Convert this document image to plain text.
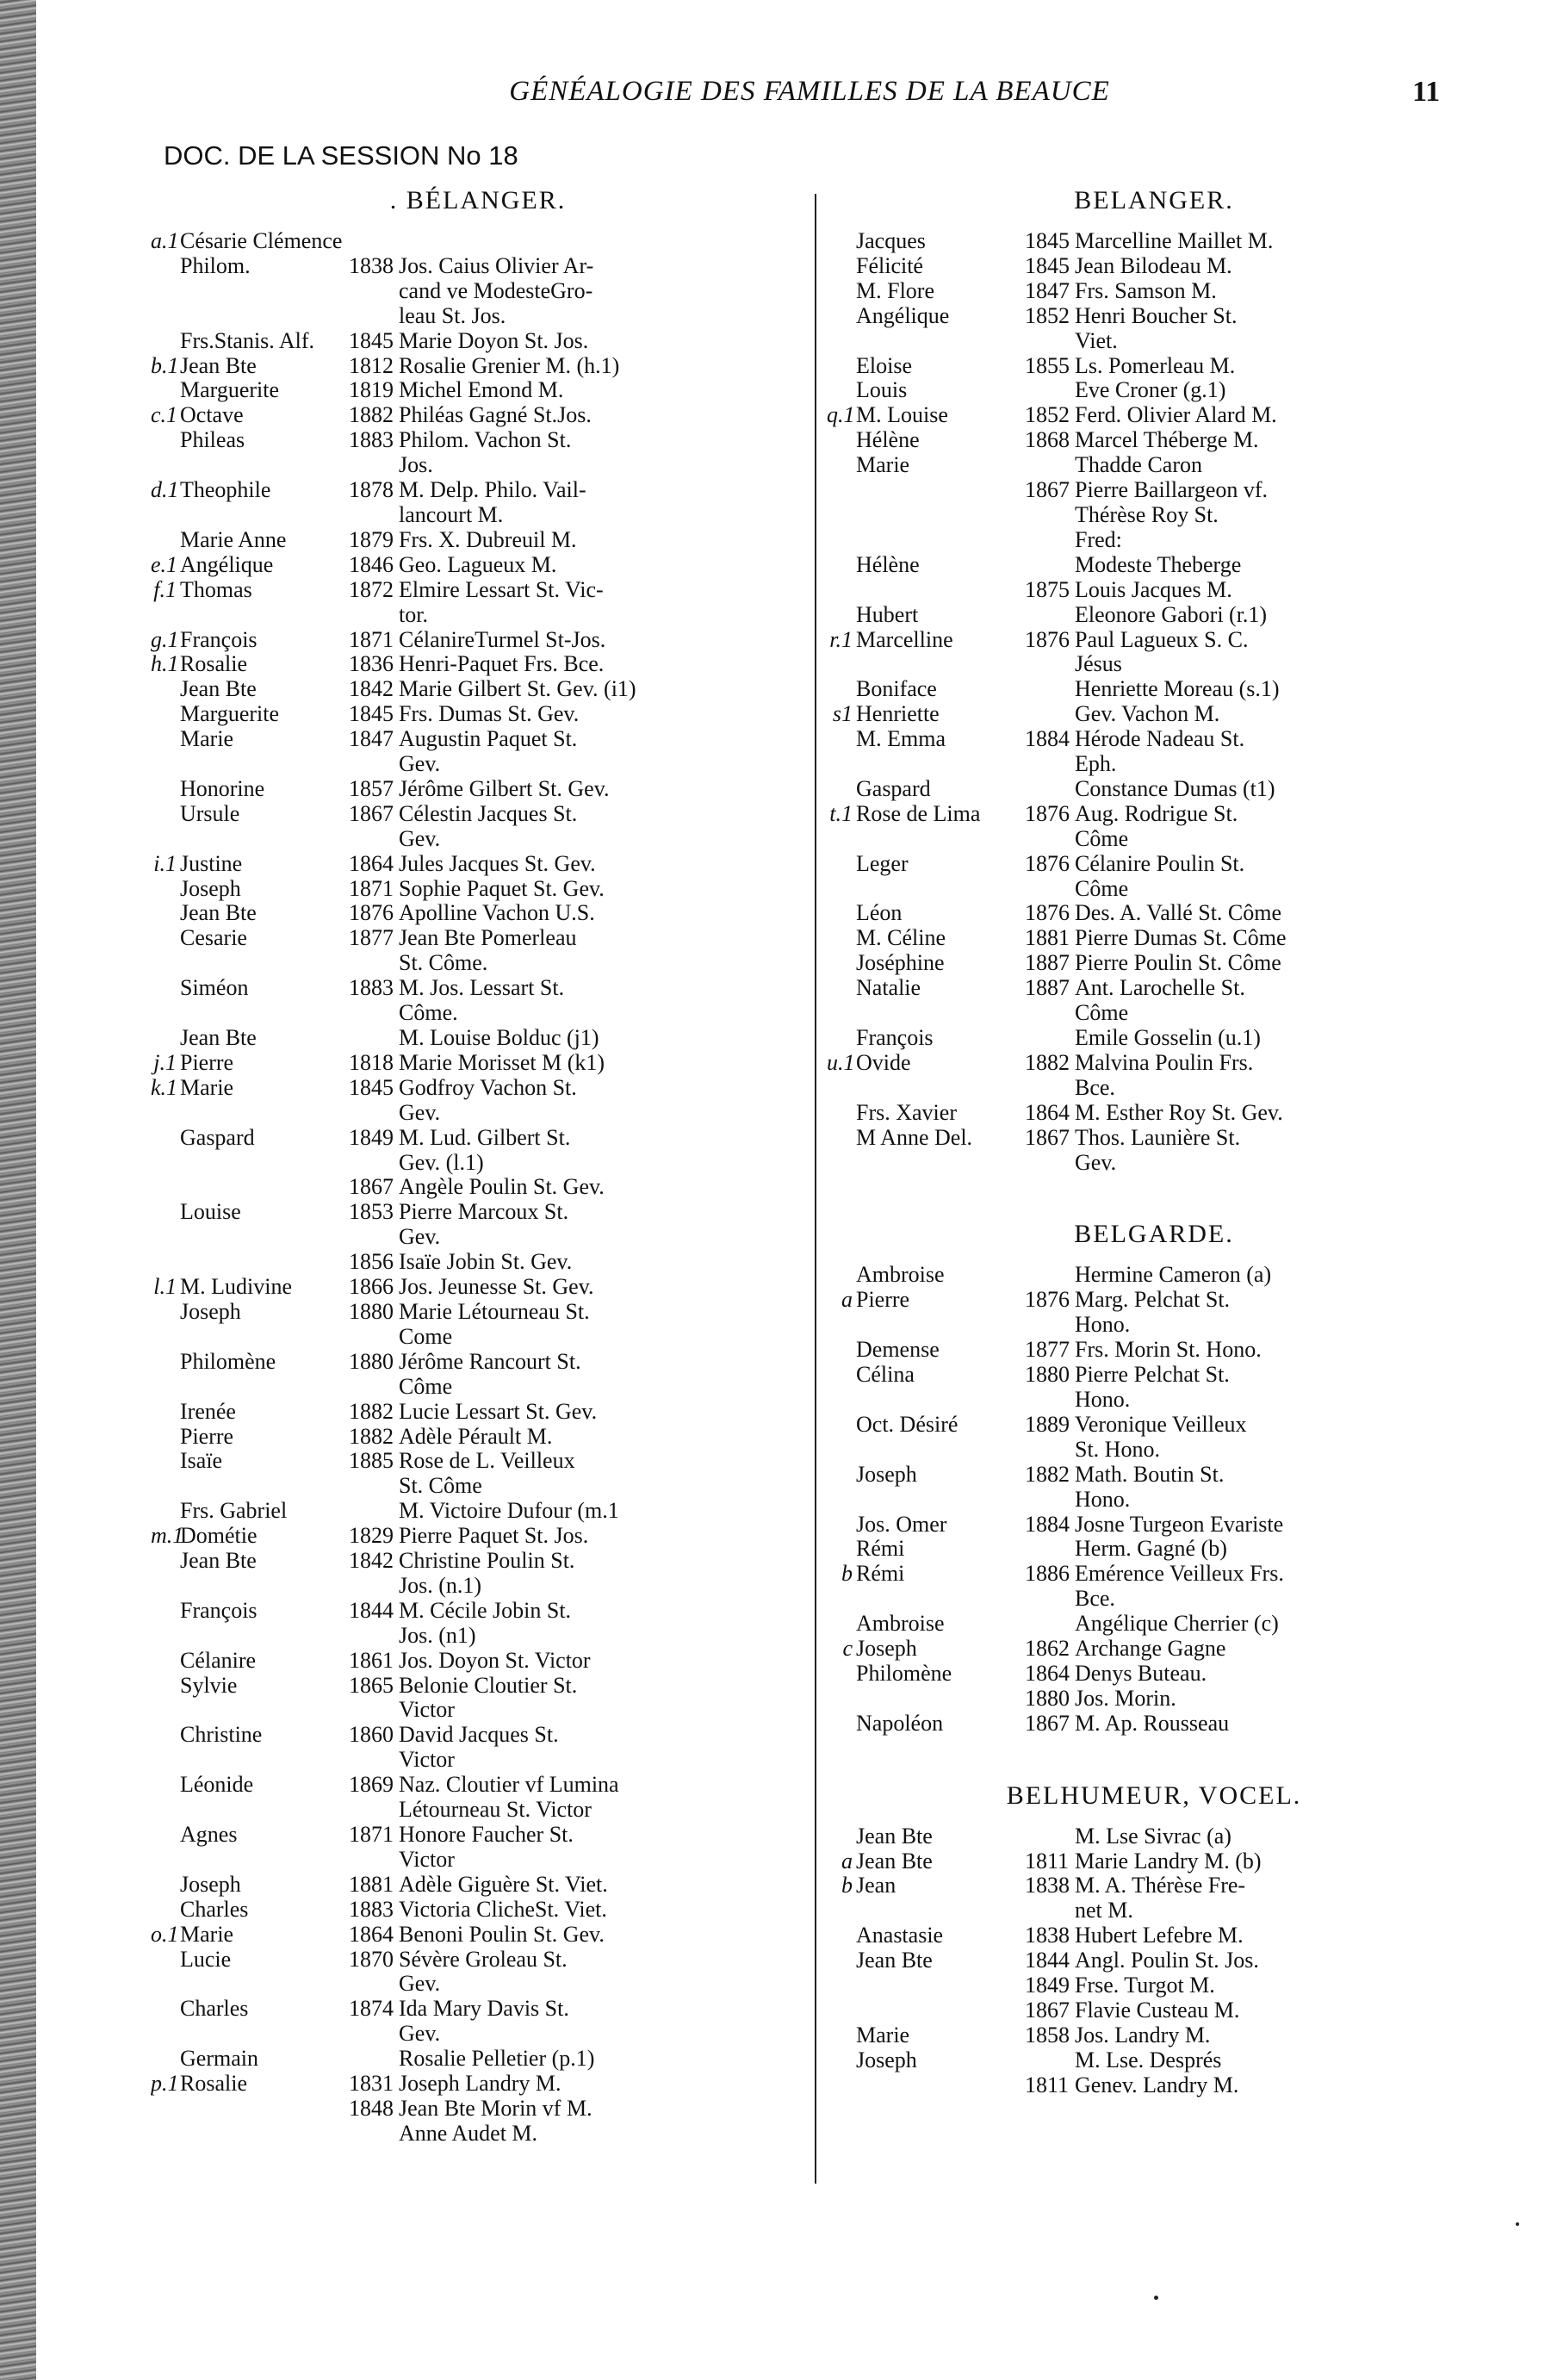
GÉNÉALOGIE DES FAMILLES DE LA BEAUCE	11
DOC. DE LA SESSION No 18
. BÉLANGER.
a.1Césarie Clémence
Philom.	1838 Jos. Caius Olivier Ar-
cand ve ModesteGro-
leau St. Jos.
Frs.Stanis. Alf.	1845 Marie Doyon St. Jos.
b.1Jean Bte	1812 Rosalie Grenier M. (h.1)
Marguerite	1819 Michel Emond M.
c.1 Octave	1882 Philéas Gagné St.Jos.
Phileas	1883 Philom. Vachon St.
Jos.
d.1Theophile	1878 M. Delp. Philo. Vail-
lancourt M.
Marie Anne	1879 Frs. X. Dubreuil M.
e.1 Angélique	1846 Geo. Lagueux M.
f.1 Thomas	1872 Elmire Lessart St. Vic-
tor.
g.1François	1871 CélanireTurmel St-Jos.
h.1Rosalie	1836 Henri-Paquet Frs. Bce.
Jean Bte	1842 Marie Gilbert St. Gev. (i1)
Marguerite	1845 Frs. Dumas St. Gev.
Marie	1847 Augustin Paquet St.
Gev.
Honorine	1857 Jérôme Gilbert St. Gev.
Ursule	1867 Célestin Jacques St.
Gev.
i.1 Justine	1864 Jules Jacques St. Gev.
Joseph	1871 Sophie Paquet St. Gev.
Jean Bte	1876 Apolline Vachon U.S.
Cesarie	1877 Jean Bte Pomerleau
St. Côme.
Siméon	1883 M. Jos. Lessart St.
Côme.
Jean Bte	M. Louise Bolduc (j1)
j.1 Pierre	1818 Marie Morisset M (k1)
k.1 Marie	1845 Godfroy Vachon St.
Gev.
Gaspard	1849 M. Lud. Gilbert St.
Gev. (l.1)
1867 Angèle Poulin St. Gev.
Louise	1853 Pierre Marcoux St.
Gev.
1856 Isaïe Jobin St. Gev.
l.1 M. Ludivine	1866 Jos. Jeunesse St. Gev.
Joseph	1880 Marie Létourneau St.
Come
Philomène	1880 Jérôme Rancourt St.
Côme
Irenée	1882 Lucie Lessart St. Gev.
Pierre	1882 Adèle Pérault M.
Isaïe	1885 Rose de L. Veilleux
St. Côme
Frs. Gabriel	M. Victoire Dufour (m.1
m.1Dométie	1829 Pierre Paquet St. Jos.
Jean Bte	1842 Christine Poulin St.
Jos. (n.1)
François	1844 M. Cécile Jobin St.
Jos. (n1)
Célanire	1861 Jos. Doyon St. Victor
Sylvie	1865 Belonie Cloutier St.
Victor
Christine	1860 David Jacques St.
Victor
Léonide	1869 Naz. Cloutier vf Lumina
Létourneau St. Victor
Agnes	1871 Honore Faucher St.
Victor
Joseph	1881 Adèle Giguère St. Viet.
Charles	1883 Victoria ClicheSt. Viet.
o.1Marie	1864 Benoni Poulin St. Gev.
Lucie	1870 Sévère Groleau St.
Gev.
Charles	1874 Ida Mary Davis St.
Gev.
Germain	Rosalie Pelletier (p.1)
p.1Rosalie	1831 Joseph Landry M.
1848 Jean Bte Morin vf M.
Anne Audet M.
BELANGER.
Jacques	1845 Marcelline Maillet M.
Félicité	1845 Jean Bilodeau M.
M. Flore	1847 Frs. Samson M.
Angélique	1852 Henri Boucher St.
Viet.
Eloise	1855 Ls. Pomerleau M.
Louis	Eve Croner (g.1)
q.1M. Louise	1852 Ferd. Olivier Alard M.
Hélène	1868 Marcel Théberge M.
Marie	Thadde Caron
1867 Pierre Baillargeon vf.
Thérèse Roy St.
Fred:
Hélène	Modeste Theberge
1875 Louis Jacques M.
Hubert	Eleonore Gabori (r.1)
r.1 Marcelline	1876 Paul Lagueux S. C.
Jésus
Boniface	Henriette Moreau (s.1)
s1 Henriette	Gev. Vachon M.
M. Emma	1884 Hérode Nadeau St.
Eph.
Gaspard	Constance Dumas (t1)
t.1 Rose de Lima	1876 Aug. Rodrigue St.
Côme
Leger	1876 Célanire Poulin St.
Côme
Léon	1876 Des. A. Vallé St. Côme
M. Céline	1881 Pierre Dumas St. Côme
Joséphine	1887 Pierre Poulin St. Côme
Natalie	1887 Ant. Larochelle St.
Côme
François	Emile Gosselin (u.1)
u.1Ovide	1882 Malvina Poulin Frs.
Bce.
Frs. Xavier	1864 M. Esther Roy St. Gev.
M Anne Del.	1867 Thos. Launière St.
Gev.
BELGARDE.
Ambroise	Hermine Cameron (a)
a Pierre	1876 Marg. Pelchat St.
Hono.
Demense	1877 Frs. Morin St. Hono.
Célina	1880 Pierre Pelchat St.
Hono.
Oct. Désiré	1889 Veronique Veilleux
St. Hono.
Joseph	1882 Math. Boutin St.
Hono.
Jos. Omer	1884 Josne Turgeon Evariste
Rémi	Herm. Gagné (b)
b Rémi	1886 Emérence Veilleux Frs.
Bce.
Ambroise	Angélique Cherrier (c)
c Joseph	1862 Archange Gagne
Philomène	1864 Denys Buteau.
1880 Jos. Morin.
Napoléon	1867 M. Ap. Rousseau
BELHUMEUR, VOCEL.
Jean Bte	M. Lse Sivrac (a)
a Jean Bte	1811 Marie Landry M. (b)
b Jean	1838 M. A. Thérèse Fre-
net M.
Anastasie	1838 Hubert Lefebre M.
Jean Bte	1844 Angl. Poulin St. Jos.
1849 Frse. Turgot M.
1867 Flavie Custeau M.
Marie	1858 Jos. Landry M.
Joseph	M. Lse. Després
1811 Genev. Landry M.
